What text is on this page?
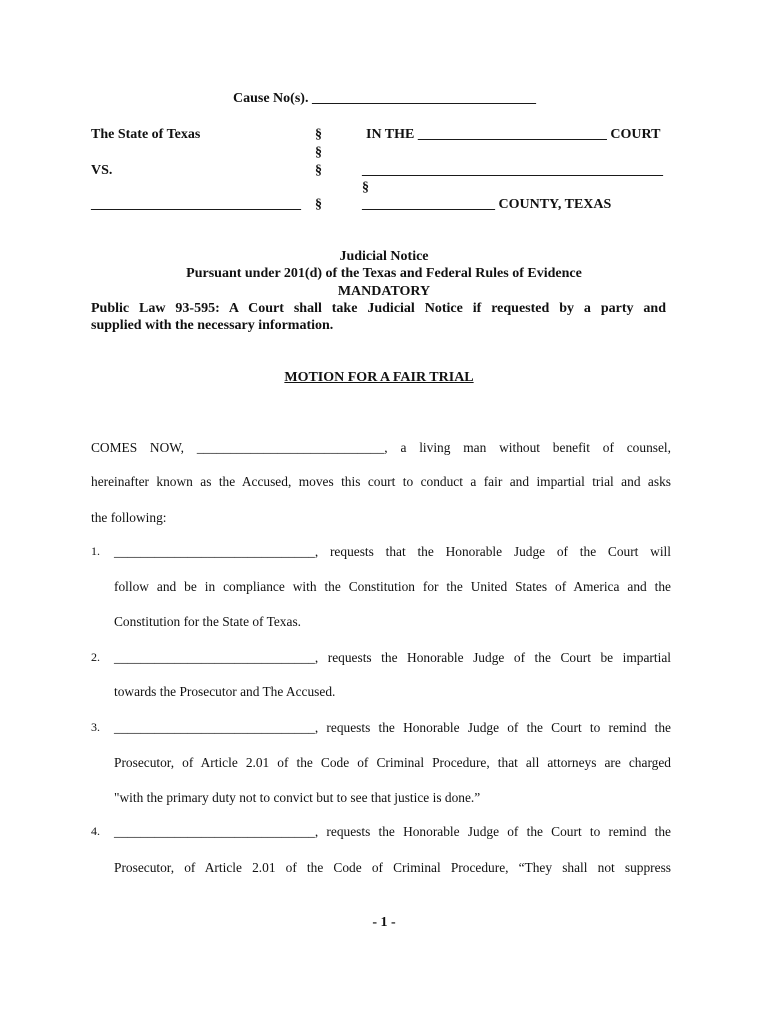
Cause No(s). ________________________________
The State of Texas
VS.
______________________________
§
§
§
§
§
IN THE ___________________________ COURT
___________________________________________
___________________ COUNTY, TEXAS
Judicial Notice
Pursuant under 201(d) of the Texas and Federal Rules of Evidence
MANDATORY
Public Law 93-595: A Court shall take Judicial Notice if requested by a party and
supplied with the necessary information.
MOTION FOR A FAIR TRIAL
COMES NOW, ____________________________, a living man without benefit of counsel,
hereinafter known as the Accused, moves this court to conduct a fair and impartial trial and asks
the following:
1. ______________________________, requests that the Honorable Judge of the Court will
follow and be in compliance with the Constitution for the United States of America and the
Constitution for the State of Texas.
2. ______________________________, requests the Honorable Judge of the Court be impartial
towards the Prosecutor and The Accused.
3. ______________________________, requests the Honorable Judge of the Court to remind the
Prosecutor, of Article 2.01 of the Code of Criminal Procedure, that all attorneys are charged
"with the primary duty not to convict but to see that justice is done.”
4. ______________________________, requests the Honorable Judge of the Court to remind the
Prosecutor, of Article 2.01 of the Code of Criminal Procedure, “They shall not suppress
- 1 -
